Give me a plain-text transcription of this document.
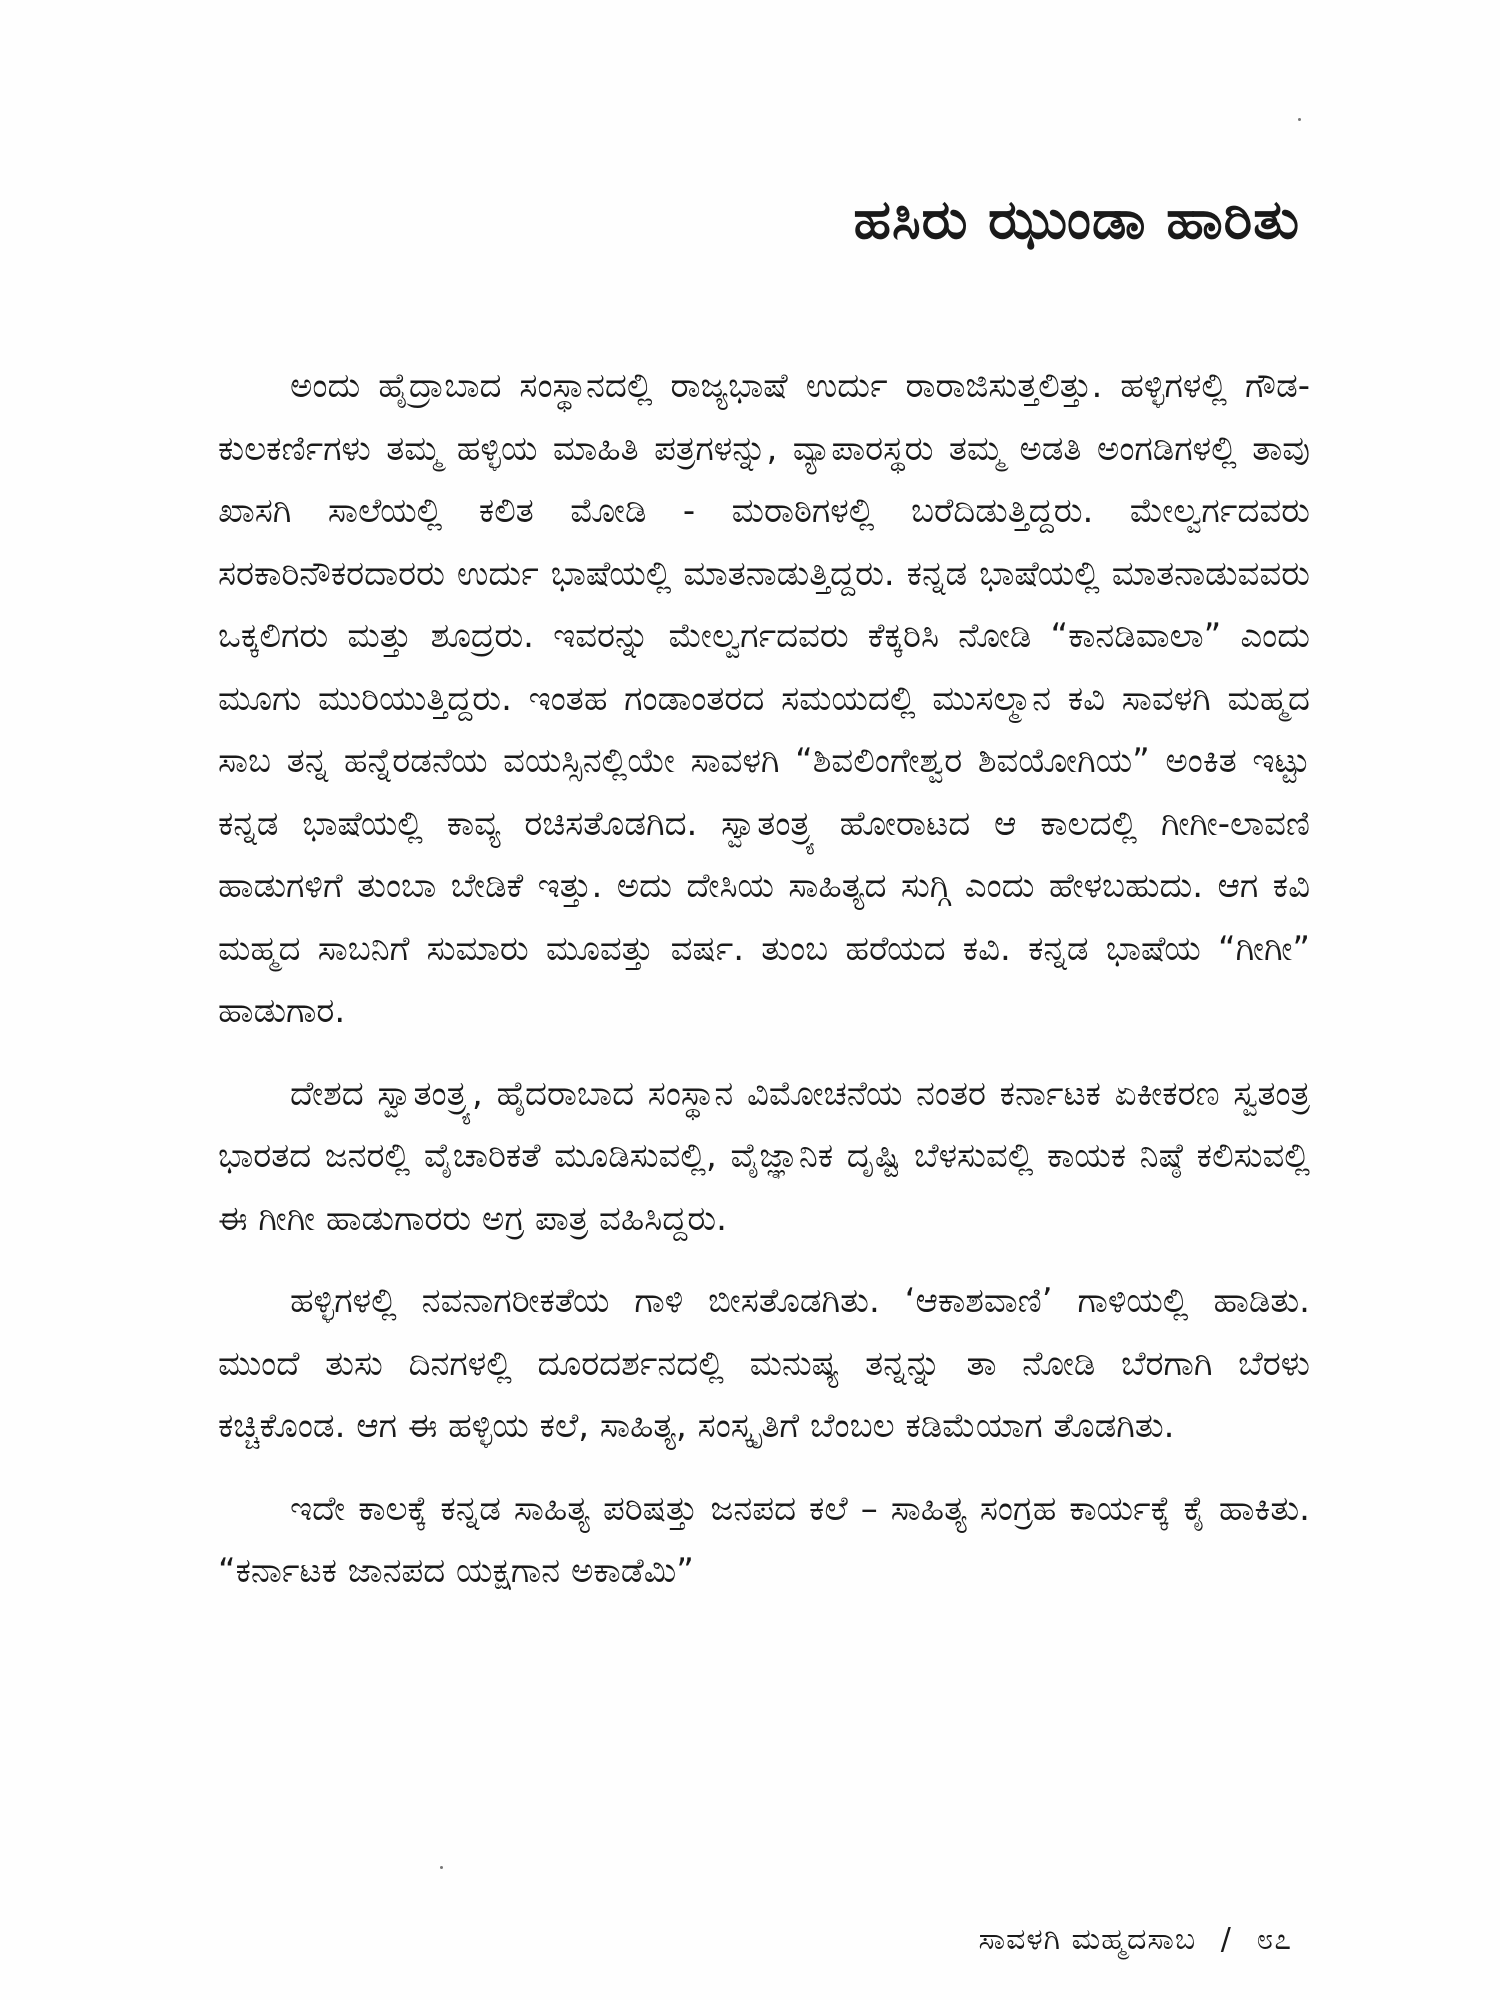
ಹಸಿರು ಝುಂಡಾ ಹಾರಿತು

ಅಂದು ಹೈದ್ರಾಬಾದ ಸಂಸ್ಥಾನದಲ್ಲಿ ರಾಜ್ಯಭಾಷೆ ಉರ್ದು ರಾರಾಜಿಸುತ್ತಲಿತ್ತು. ಹಳ್ಳಿಗಳಲ್ಲಿ ಗೌಡ-ಕುಲಕರ್ಣಿಗಳು ತಮ್ಮ ಹಳ್ಳಿಯ ಮಾಹಿತಿ ಪತ್ರಗಳನ್ನು, ವ್ಯಾಪಾರಸ್ಥರು ತಮ್ಮ ಅಡತಿ ಅಂಗಡಿಗಳಲ್ಲಿ ತಾವು ಖಾಸಗಿ ಸಾಲೆಯಲ್ಲಿ ಕಲಿತ ಮೋಡಿ - ಮರಾಠಿಗಳಲ್ಲಿ ಬರೆದಿಡುತ್ತಿದ್ದರು. ಮೇಲ್ವರ್ಗದವರು ಸರಕಾರಿನೌಕರದಾರರು ಉರ್ದು ಭಾಷೆಯಲ್ಲಿ ಮಾತನಾಡುತ್ತಿದ್ದರು. ಕನ್ನಡ ಭಾಷೆಯಲ್ಲಿ ಮಾತನಾಡುವವರು ಒಕ್ಕಲಿಗರು ಮತ್ತು ಶೂದ್ರರು. ಇವರನ್ನು ಮೇಲ್ವರ್ಗದವರು ಕೆಕ್ಕರಿಸಿ ನೋಡಿ “ಕಾನಡಿವಾಲಾ” ಎಂದು ಮೂಗು ಮುರಿಯುತ್ತಿದ್ದರು. ಇಂತಹ ಗಂಡಾಂತರದ ಸಮಯದಲ್ಲಿ ಮುಸಲ್ಮಾನ ಕವಿ ಸಾವಳಗಿ ಮಹ್ಮದ ಸಾಬ ತನ್ನ ಹನ್ನೆರಡನೆಯ ವಯಸ್ಸಿನಲ್ಲಿಯೇ ಸಾವಳಗಿ “ಶಿವಲಿಂಗೇಶ್ವರ ಶಿವಯೋಗಿಯ” ಅಂಕಿತ ಇಟ್ಟು ಕನ್ನಡ ಭಾಷೆಯಲ್ಲಿ ಕಾವ್ಯ ರಚಿಸತೊಡಗಿದ. ಸ್ವಾತಂತ್ರ್ಯ ಹೋರಾಟದ ಆ ಕಾಲದಲ್ಲಿ ಗೀಗೀ-ಲಾವಣಿ ಹಾಡುಗಳಿಗೆ ತುಂಬಾ ಬೇಡಿಕೆ ಇತ್ತು. ಅದು ದೇಸಿಯ ಸಾಹಿತ್ಯದ ಸುಗ್ಗಿ ಎಂದು ಹೇಳಬಹುದು. ಆಗ ಕವಿ ಮಹ್ಮದ ಸಾಬನಿಗೆ ಸುಮಾರು ಮೂವತ್ತು ವರ್ಷ. ತುಂಬ ಹರೆಯದ ಕವಿ. ಕನ್ನಡ ಭಾಷೆಯ “ಗೀಗೀ” ಹಾಡುಗಾರ.

ದೇಶದ ಸ್ವಾತಂತ್ರ್ಯ, ಹೈದರಾಬಾದ ಸಂಸ್ಥಾನ ವಿಮೋಚನೆಯ ನಂತರ ಕರ್ನಾಟಕ ಏಕೀಕರಣ ಸ್ವತಂತ್ರ ಭಾರತದ ಜನರಲ್ಲಿ ವೈಚಾರಿಕತೆ ಮೂಡಿಸುವಲ್ಲಿ, ವೈಜ್ಞಾನಿಕ ದೃಷ್ಟಿ ಬೆಳಸುವಲ್ಲಿ ಕಾಯಕ ನಿಷ್ಠೆ ಕಲಿಸುವಲ್ಲಿ ಈ ಗೀಗೀ ಹಾಡುಗಾರರು ಅಗ್ರ ಪಾತ್ರ ವಹಿಸಿದ್ದರು.

ಹಳ್ಳಿಗಳಲ್ಲಿ ನವನಾಗರೀಕತೆಯ ಗಾಳಿ ಬೀಸತೊಡಗಿತು. ‘ಆಕಾಶವಾಣಿ’ ಗಾಳಿಯಲ್ಲಿ ಹಾಡಿತು. ಮುಂದೆ ತುಸು ದಿನಗಳಲ್ಲಿ ದೂರದರ್ಶನದಲ್ಲಿ ಮನುಷ್ಯ ತನ್ನನ್ನು ತಾ ನೋಡಿ ಬೆರಗಾಗಿ ಬೆರಳು ಕಚ್ಚಿಕೊಂಡ. ಆಗ ಈ ಹಳ್ಳಿಯ ಕಲೆ, ಸಾಹಿತ್ಯ, ಸಂಸ್ಕೃತಿಗೆ ಬೆಂಬಲ ಕಡಿಮೆಯಾಗ ತೊಡಗಿತು.

ಇದೇ ಕಾಲಕ್ಕೆ ಕನ್ನಡ ಸಾಹಿತ್ಯ ಪರಿಷತ್ತು ಜನಪದ ಕಲೆ – ಸಾಹಿತ್ಯ ಸಂಗ್ರಹ ಕಾರ್ಯಕ್ಕೆ ಕೈ ಹಾಕಿತು. “ಕರ್ನಾಟಕ ಜಾನಪದ ಯಕ್ಷಗಾನ ಅಕಾಡೆಮಿ”

ಸಾವಳಗಿ ಮಹ್ಮದಸಾಬ / ೮೭
